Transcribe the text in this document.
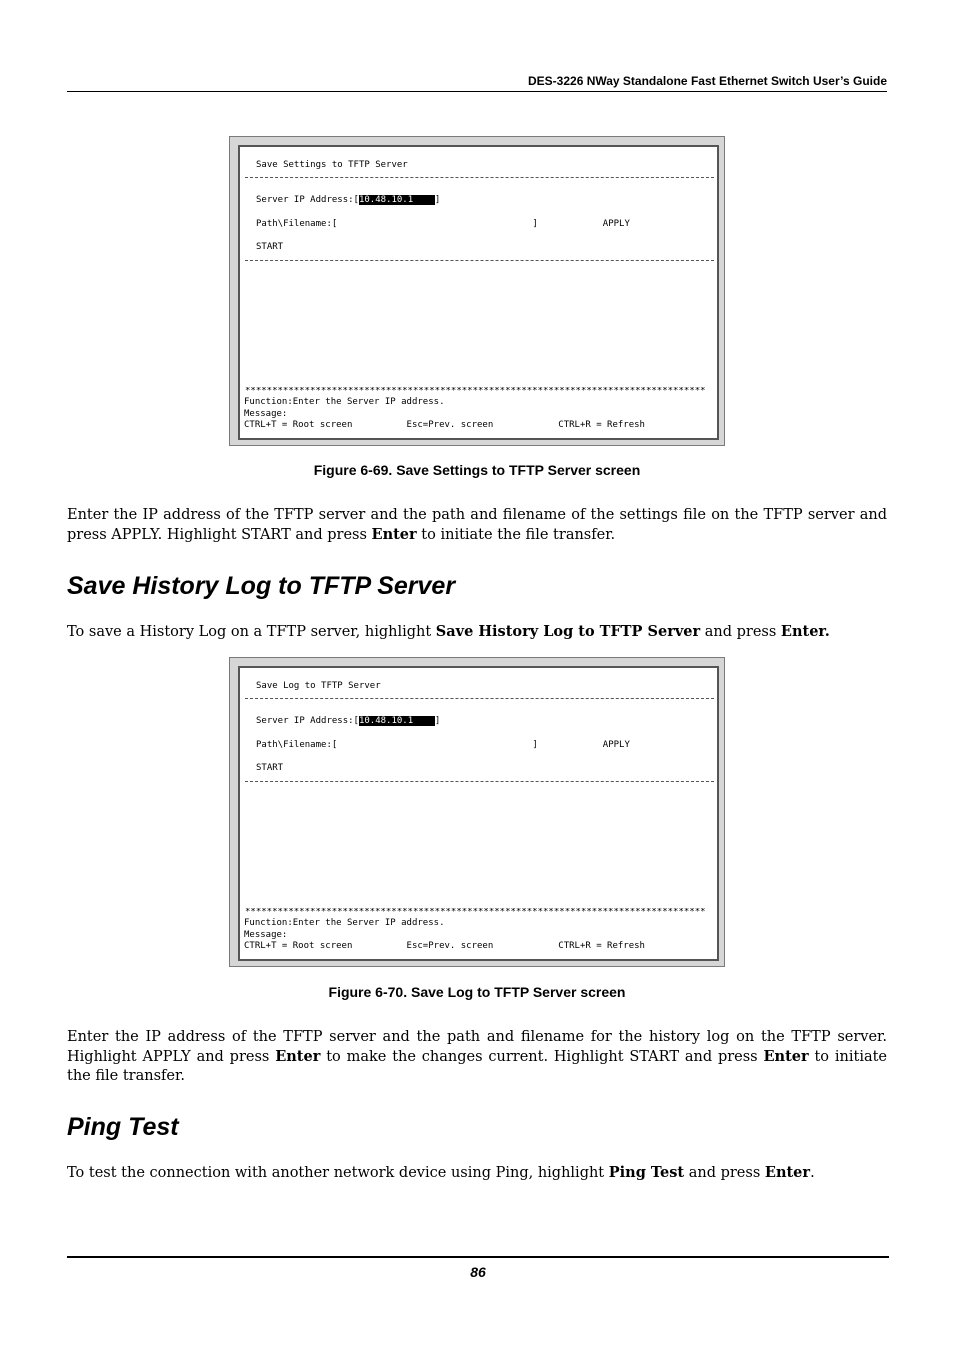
DES-3226 NWay Standalone Fast Ethernet Switch User’s Guide
Save Settings to TFTP Server
Server IP Address:[10.48.10.1    ]
Path\Filename:[                                    ]            APPLY
START
*************************************************************************************
Function:Enter the Server IP address.
Message:
CTRL+T = Root screen          Esc=Prev. screen            CTRL+R = Refresh
Figure 6-69. Save Settings to TFTP Server screen
Enter the IP address of the TFTP server and the path and filename of the settings file on the TFTP server and press APPLY. Highlight START and press Enter to initiate the file transfer.
Save History Log to TFTP Server
To save a History Log on a TFTP server, highlight Save History Log to TFTP Server and press Enter.
Save Log to TFTP Server
Server IP Address:[10.48.10.1    ]
Path\Filename:[                                    ]            APPLY
START
*************************************************************************************
Function:Enter the Server IP address.
Message:
CTRL+T = Root screen          Esc=Prev. screen            CTRL+R = Refresh
Figure 6-70. Save Log to TFTP Server screen
Enter the IP address of the TFTP server and the path and filename for the history log on the TFTP server. Highlight APPLY and press Enter to make the changes current. Highlight START and press Enter to initiate the file transfer.
Ping Test
To test the connection with another network device using Ping, highlight Ping Test and press Enter.
86
